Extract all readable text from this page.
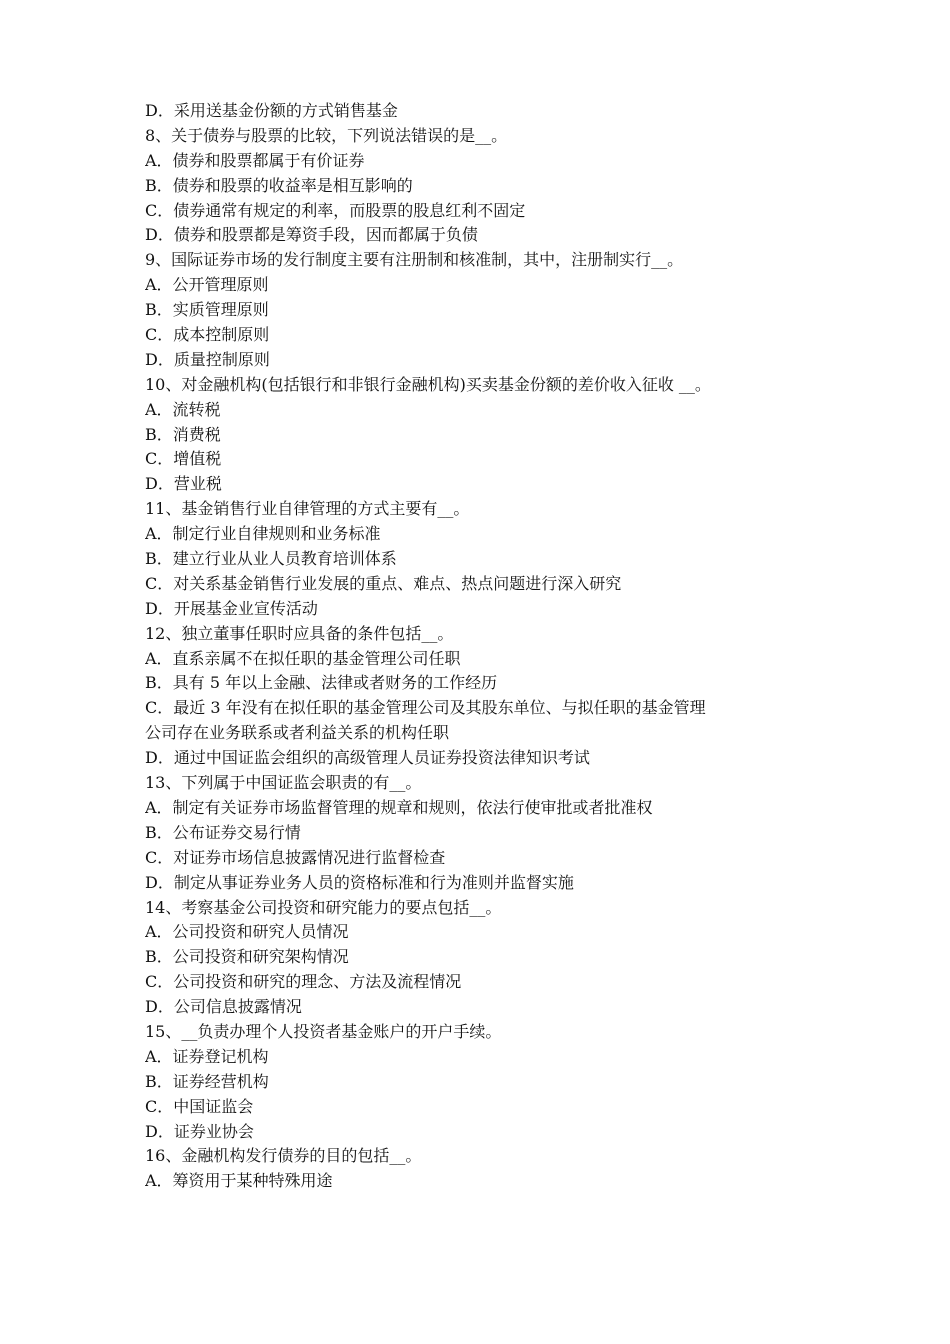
D．采用送基金份额的方式销售基金
8、关于债券与股票的比较，下列说法错误的是__。
A．债券和股票都属于有价证券
B．债券和股票的收益率是相互影响的
C．债券通常有规定的利率，而股票的股息红利不固定
D．债券和股票都是筹资手段，因而都属于负债
9、国际证券市场的发行制度主要有注册制和核准制，其中，注册制实行__。
A．公开管理原则
B．实质管理原则
C．成本控制原则
D．质量控制原则
10、对金融机构(包括银行和非银行金融机构)买卖基金份额的差价收入征收 __。
A．流转税
B．消费税
C．增值税
D．营业税
11、基金销售行业自律管理的方式主要有__。
A．制定行业自律规则和业务标准
B．建立行业从业人员教育培训体系
C．对关系基金销售行业发展的重点、难点、热点问题进行深入研究
D．开展基金业宣传活动
12、独立董事任职时应具备的条件包括__。
A．直系亲属不在拟任职的基金管理公司任职
B．具有 5 年以上金融、法律或者财务的工作经历
C．最近 3 年没有在拟任职的基金管理公司及其股东单位、与拟任职的基金管理
公司存在业务联系或者利益关系的机构任职
D．通过中国证监会组织的高级管理人员证券投资法律知识考试
13、下列属于中国证监会职责的有__。
A．制定有关证券市场监督管理的规章和规则，依法行使审批或者批准权
B．公布证券交易行情
C．对证券市场信息披露情况进行监督检查
D．制定从事证券业务人员的资格标准和行为准则并监督实施
14、考察基金公司投资和研究能力的要点包括__。
A．公司投资和研究人员情况
B．公司投资和研究架构情况
C．公司投资和研究的理念、方法及流程情况
D．公司信息披露情况
15、__负责办理个人投资者基金账户的开户手续。
A．证券登记机构
B．证券经营机构
C．中国证监会
D．证券业协会
16、金融机构发行债券的目的包括__。
A．筹资用于某种特殊用途
